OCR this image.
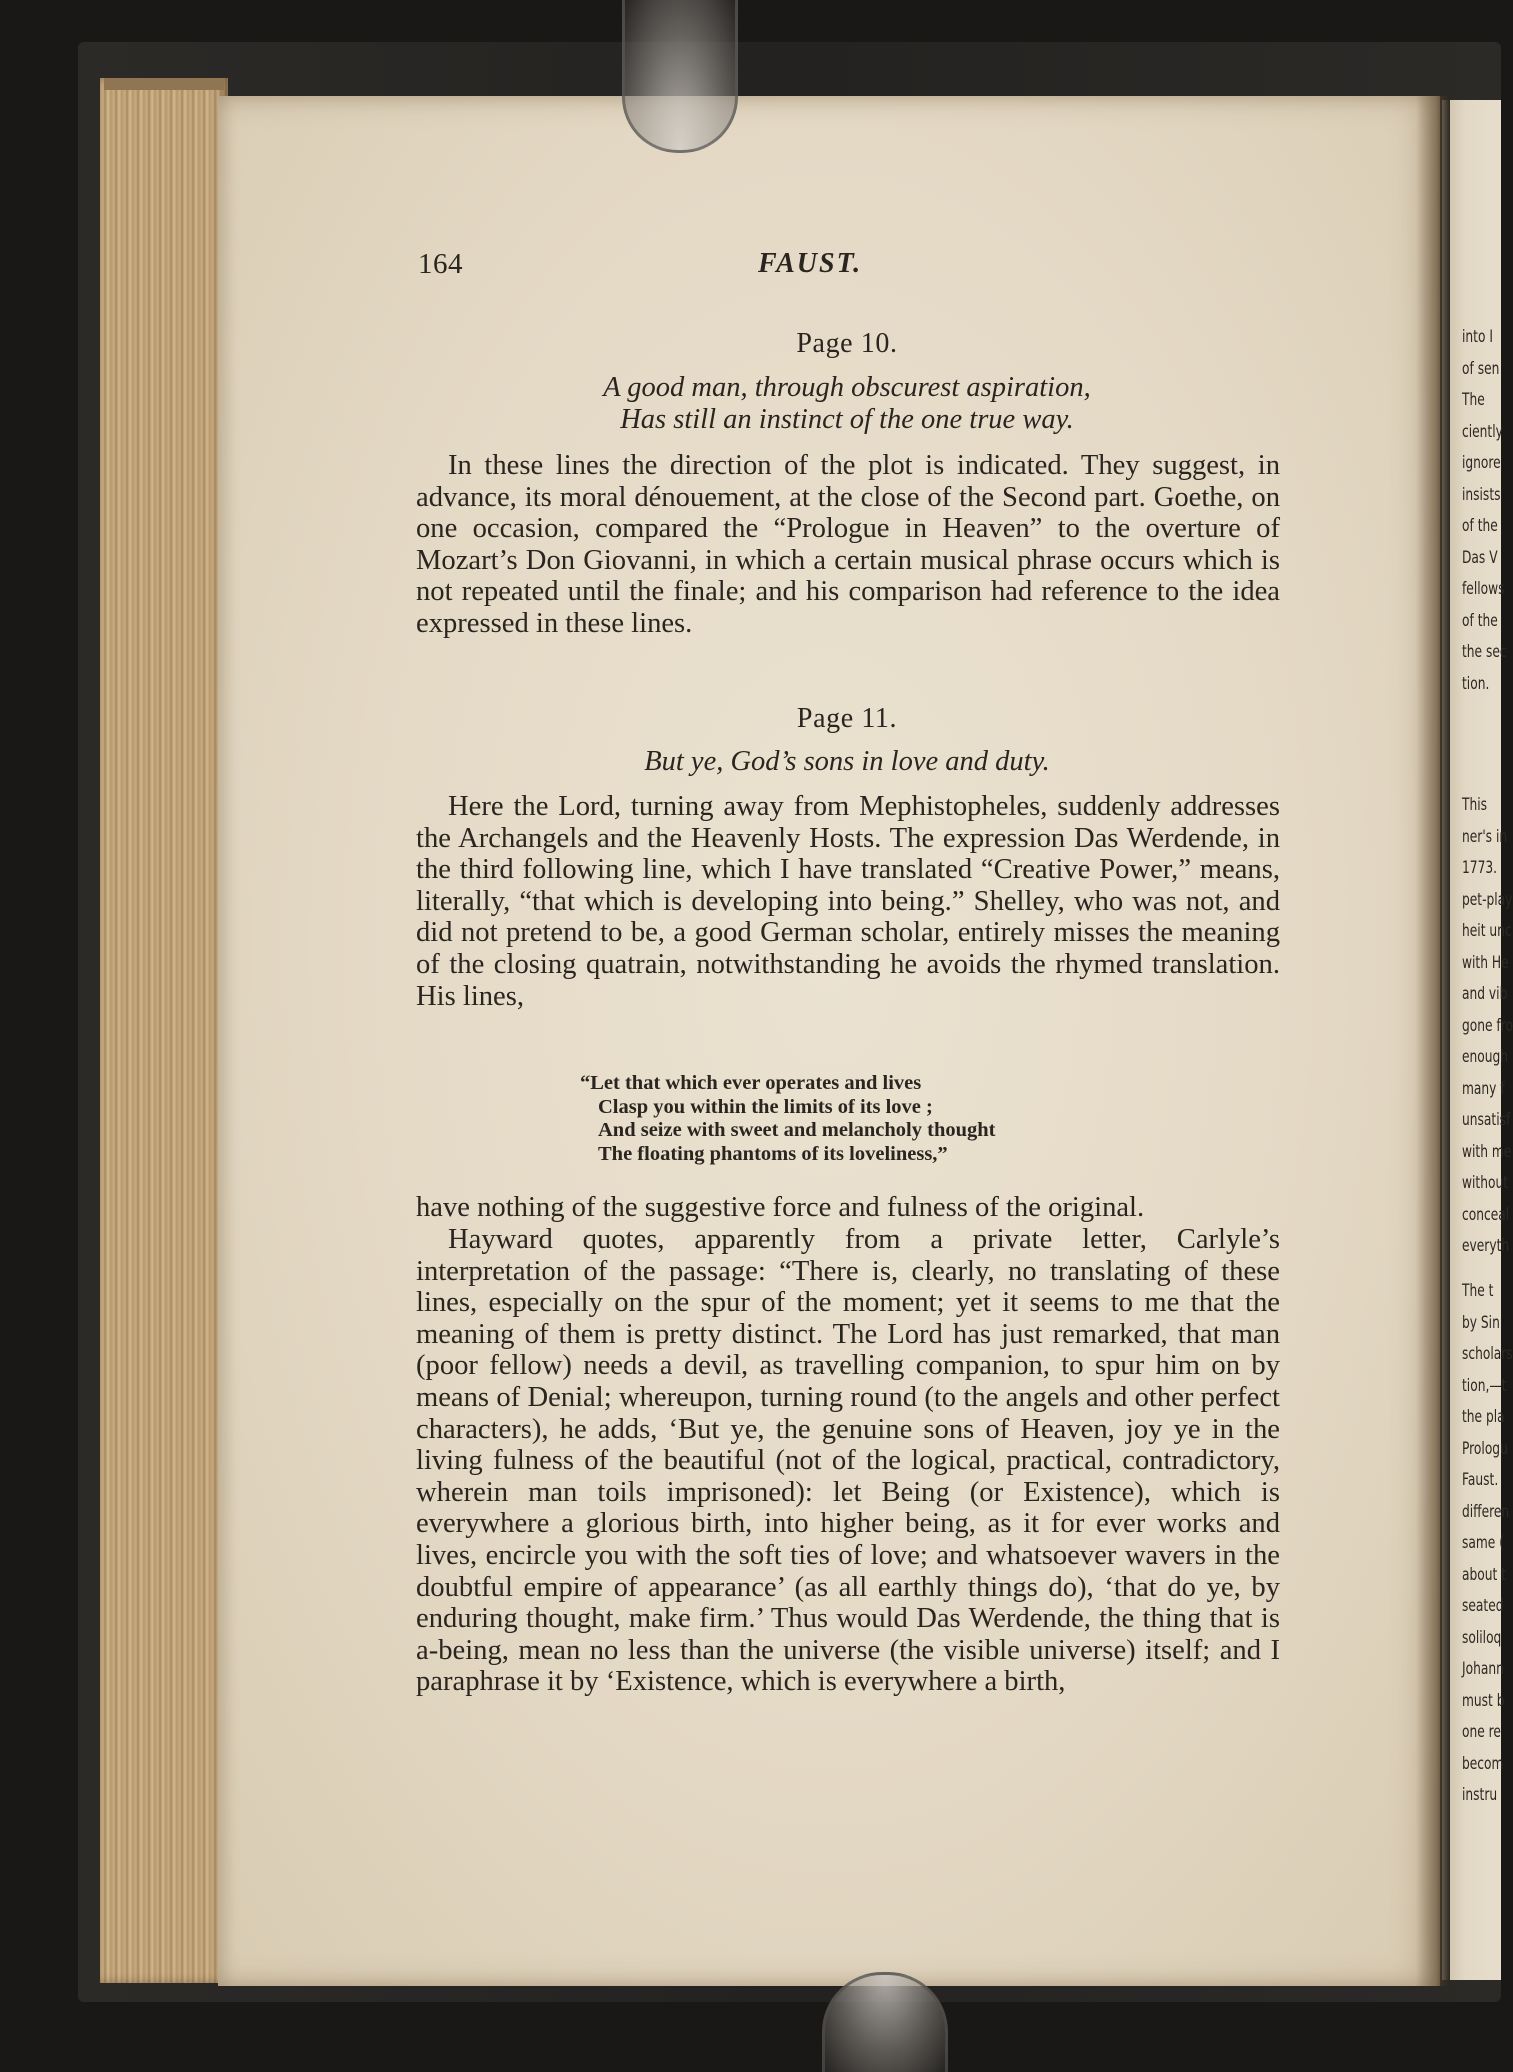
164	FAUST.
Page 10.
A good man, through obscurest aspiration,
Has still an instinct of the one true way.
In these lines the direction of the plot is indicated. They suggest, in advance, its moral dénouement, at the close of the Second part. Goethe, on one occasion, compared the “Prologue in Heaven” to the overture of Mozart’s Don Giovanni, in which a certain musical phrase occurs which is not repeated until the finale; and his comparison had reference to the idea expressed in these lines.
Page 11.
But ye, God’s sons in love and duty.
Here the Lord, turning away from Mephistopheles, suddenly addresses the Archangels and the Heavenly Hosts. The expression Das Werdende, in the third following line, which I have translated “Creative Power,” means, literally, “that which is developing into being.” Shelley, who was not, and did not pretend to be, a good German scholar, entirely misses the meaning of the closing quatrain, notwithstanding he avoids the rhymed translation. His lines,
“Let that which ever operates and lives
Clasp you within the limits of its love ;
And seize with sweet and melancholy thought
The floating phantoms of its loveliness,”
have nothing of the suggestive force and fulness of the original.
Hayward quotes, apparently from a private letter, Carlyle’s interpretation of the passage: “There is, clearly, no translating of these lines, especially on the spur of the moment; yet it seems to me that the meaning of them is pretty distinct. The Lord has just remarked, that man (poor fellow) needs a devil, as travelling companion, to spur him on by means of Denial; whereupon, turning round (to the angels and other perfect characters), he adds, ‘But ye, the genuine sons of Heaven, joy ye in the living fulness of the beautiful (not of the logical, practical, contradictory, wherein man toils imprisoned): let Being (or Existence), which is everywhere a glorious birth, into higher being, as it for ever works and lives, encircle you with the soft ties of love; and whatsoever wavers in the doubtful empire of appearance’ (as all earthly things do), ‘that do ye, by enduring thought, make firm.’ Thus would Das Werdende, the thing that is a-being, mean no less than the universe (the visible universe) itself; and I paraphrase it by ‘Existence, which is everywhere a birth,
into I
of sen
The
ciently
ignore
insists
of the
Das V
fellows
of the
the sec
tion.
This
ner's in
1773.
pet-play
heit unc
with He
and vib
gone fro
enough
many f
unsatisf
with me
without
conceal
everyth
The t
by Sin
scholars
tion,—t
the pla
Prologu
Faust.
differen
same (
about t
seated
soliloq
Johann
must b
one re
becom
instru
